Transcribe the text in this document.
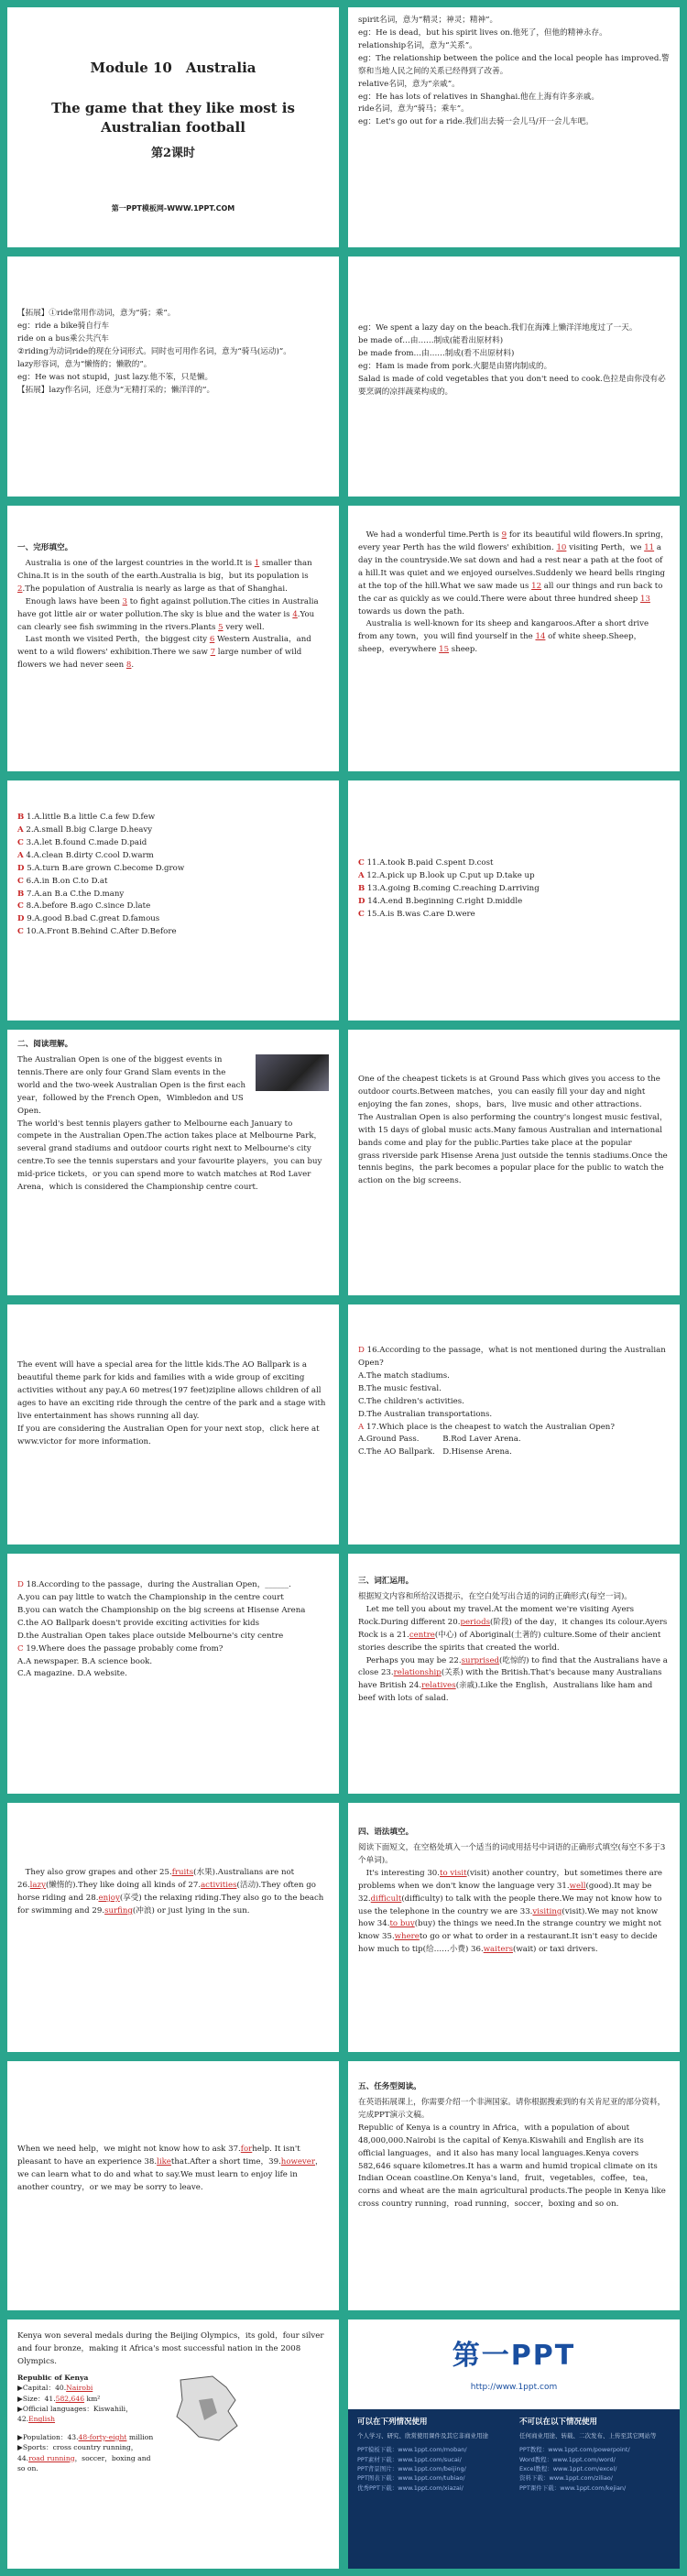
Module 10　Australia
The game that they like most is Australian football
第2课时
第一PPT模板网-WWW.1PPT.COM

spirit名词，意为“精灵；神灵；精神”。

eg：He is dead，but his spirit lives on.他死了，但他的精神永存。

relationship名词，意为“关系”。

eg：The relationship between the police and the local people has improved.警察和当地人民之间的关系已经得到了改善。

relative名词，意为“亲戚”。

eg：He has lots of relatives in Shanghai.他在上海有许多亲戚。

ride名词，意为“骑马；乘车”。

eg：Let's go out for a ride.我们出去骑一会儿马/开一会儿车吧。

【拓展】①ride常用作动词，意为“骑；乘”。

eg：ride a bike骑自行车

ride on a bus乘公共汽车

②riding为动词ride的现在分词形式。同时也可用作名词，意为“骑马(运动)”。

lazy形容词，意为“懒惰的；懒散的”。

eg：He was not stupid，just lazy.他不笨，只是懒。

【拓展】lazy作名词，还意为“无精打采的；懒洋洋的”。

eg：We spent a lazy day on the beach.我们在海滩上懒洋洋地度过了一天。

be made of…由……制成(能看出原材料)

be made from…由……制成(看不出原材料)

eg：Ham is made from pork.火腿是由猪肉制成的。

Salad is made of cold vegetables that you don't need to cook.色拉是由你没有必要烹调的凉拌蔬菜构成的。

一、完形填空。

 Australia is one of the largest countries in the world.It is 1 smaller than China.It is in the south of the earth.Australia is big，but its population is 2.The population of Australia is nearly as large as that of Shanghai.

 Enough laws have been 3 to fight against pollution.The cities in Australia have got little air or water pollution.The sky is blue and the water is 4.You can clearly see fish swimming in the rivers.Plants 5 very well.

 Last month we visited Perth，the biggest city 6 Western Australia，and went to a wild flowers' exhibition.There we saw 7 large number of wild flowers we had never seen 8.

 We had a wonderful time.Perth is 9 for its beautiful wild flowers.In spring，every year Perth has the wild flowers' exhibition. 10 visiting Perth，we 11 a day in the countryside.We sat down and had a rest near a path at the foot of a hill.It was quiet and we enjoyed ourselves.Suddenly we heard bells ringing at the top of the hill.What we saw made us 12 all our things and run back to the car as quickly as we could.There were about three hundred sheep 13 towards us down the path.

 Australia is well-known for its sheep and kangaroos.After a short drive from any town，you will find yourself in the 14 of white sheep.Sheep，sheep，everywhere 15 sheep.

B 1.A.little B.a little C.a few D.few

A 2.A.small B.big C.large D.heavy

C 3.A.let B.found C.made D.paid

A 4.A.clean B.dirty C.cool D.warm

D 5.A.turn B.are grown C.become D.grow

C 6.A.in B.on C.to D.at

B 7.A.an B.a C.the D.many

C 8.A.before B.ago C.since D.late

D 9.A.good B.bad C.great D.famous

C 10.A.Front B.Behind C.After D.Before

C 11.A.took B.paid C.spent D.cost

A 12.A.pick up B.look up C.put up D.take up

B 13.A.going B.coming C.reaching D.arriving

D 14.A.end B.beginning C.right D.middle

C 15.A.is B.was C.are D.were

二、阅读理解。

The Australian Open is one of the biggest events in tennis.There are only four Grand Slam events in the world and the two-week Australian Open is the first each year，followed by the French Open，Wimbledon and US Open.

The world's best tennis players gather to Melbourne each January to compete in the Australian Open.The action takes place at Melbourne Park，several grand stadiums and outdoor courts right next to Melbourne's city centre.To see the tennis superstars and your favourite players，you can buy mid-price tickets，or you can spend more to watch matches at Rod Laver Arena，which is considered the Championship centre court.

One of the cheapest tickets is at Ground Pass which gives you access to the outdoor courts.Between matches，you can easily fill your day and night enjoying the fan zones，shops，bars，live music and other attractions.

The Australian Open is also performing the country's longest music festival，with 15 days of global music acts.Many famous Australian and international bands come and play for the public.Parties take place at the popular

grass riverside park Hisense Arena just outside the tennis stadiums.Once the tennis begins，the park becomes a popular place for the public to watch the action on the big screens.

The event will have a special area for the little kids.The AO Ballpark is a beautiful theme park for kids and families with a wide group of exciting activities without any pay.A 60 metres(197 feet)zipline allows children of all ages to have an exciting ride through the centre of the park and a stage with live entertainment has shows running all day.

If you are considering the Australian Open for your next stop，click here at www.victor for more information.

D 16.According to the passage，what is not mentioned during the Australian Open?

A.The match stadiums.

B.The music festival.

C.The children's activities.

D.The Australian transportations.

A 17.Which place is the cheapest to watch the Australian Open?

A.Ground Pass.　　　B.Rod Laver Arena.

C.The AO Ballpark.　D.Hisense Arena.

D 18.According to the passage，during the Australian Open，______.

A.you can pay little to watch the Championship in the centre court

B.you can watch the Championship on the big screens at Hisense Arena

C.the AO Ballpark doesn't provide exciting activities for kids

D.the Australian Open takes place outside Melbourne's city centre

C 19.Where does the passage probably come from?

A.A newspaper. B.A science book.

C.A magazine. D.A website.

三、词汇运用。

根据短文内容和所给汉语提示，在空白处写出合适的词的正确形式(每空一词)。

 Let me tell you about my travel.At the moment we're visiting Ayers Rock.During different 20.periods(阶段) of the day，it changes its colour.Ayers Rock is a 21.centre(中心) of Aboriginal(土著的) culture.Some of their ancient stories describe the spirits that created the world.

 Perhaps you may be 22.surprised(吃惊的) to find that the Australians have a close 23.relationship(关系) with the British.That's because many Australians have British 24.relatives(亲戚).Like the English，Australians like ham and beef with lots of salad.

 They also grow grapes and other 25.fruits(水果).Australians are not 26.lazy(懒惰的).They like doing all kinds of 27.activities(活动).They often go horse riding and 28.enjoy(享受) the relaxing riding.They also go to the beach for swimming and 29.surfing(冲浪) or just lying in the sun.

四、语法填空。

阅读下面短文，在空格处填入一个适当的词或用括号中词语的正确形式填空(每空不多于3个单词)。

 It's interesting 30.to visit(visit) another country，but sometimes there are problems when we don't know the language very 31.well(good).It may be 32.difficult(difficulty) to talk with the people there.We may not know how to use the telephone in the country we are 33.visiting(visit).We may not know how 34.to buy(buy) the things we need.In the strange country we might not know 35.whereto go or what to order in a restaurant.It isn't easy to decide how much to tip(给……小费) 36.waiters(wait) or taxi drivers.

When we need help，we might not know how to ask 37.forhelp. It isn't pleasant to have an experience 38.likethat.After a short time，39.however，we can learn what to do and what to say.We must learn to enjoy life in another country，or we may be sorry to leave.

五、任务型阅读。

在英语拓展课上，你需要介绍一个非洲国家。请你根据搜索到的有关肯尼亚的部分资料，完成PPT演示文稿。

Republic of Kenya is a country in Africa，with a population of about 48,000,000.Nairobi is the capital of Kenya.Kiswahili and English are its official languages，and it also has many local languages.Kenya covers 582,646 square kilometres.It has a warm and humid tropical climate on its Indian Ocean coastline.On Kenya's land，fruit，vegetables，coffee，tea，corns and wheat are the main agricultural products.The people in Kenya like cross country running，road running，soccer，boxing and so on.

Kenya won several medals during the Beijing Olympics，its gold，four silver and four bronze，making it Africa's most successful nation in the 2008 Olympics.

Republic of Kenya
▶Capital：40.Nairobi
▶Size：41.582,646 km²
▶Official languages：Kiswahili，42.English
▶Population：43.48-forty-eight million
▶Sports：cross country running，44.road running，soccer，boxing and so on.
第一PPT
http://www.1ppt.com
可以在下列情况使用
个人学习、研究、欣赏使用课件及其它非商业用途
PPT模板下载：www.1ppt.com/moban/
PPT素材下载：www.1ppt.com/sucai/
PPT背景图片：www.1ppt.com/beijing/
PPT图表下载：www.1ppt.com/tubiao/
优秀PPT下载：www.1ppt.com/xiazai/
不可以在以下情况使用
任何商业用途、转载、二次发布、上传至其它网站等
PPT教程：www.1ppt.com/powerpoint/
Word教程：www.1ppt.com/word/
Excel教程：www.1ppt.com/excel/
资料下载：www.1ppt.com/ziliao/
PPT课件下载：www.1ppt.com/kejian/
